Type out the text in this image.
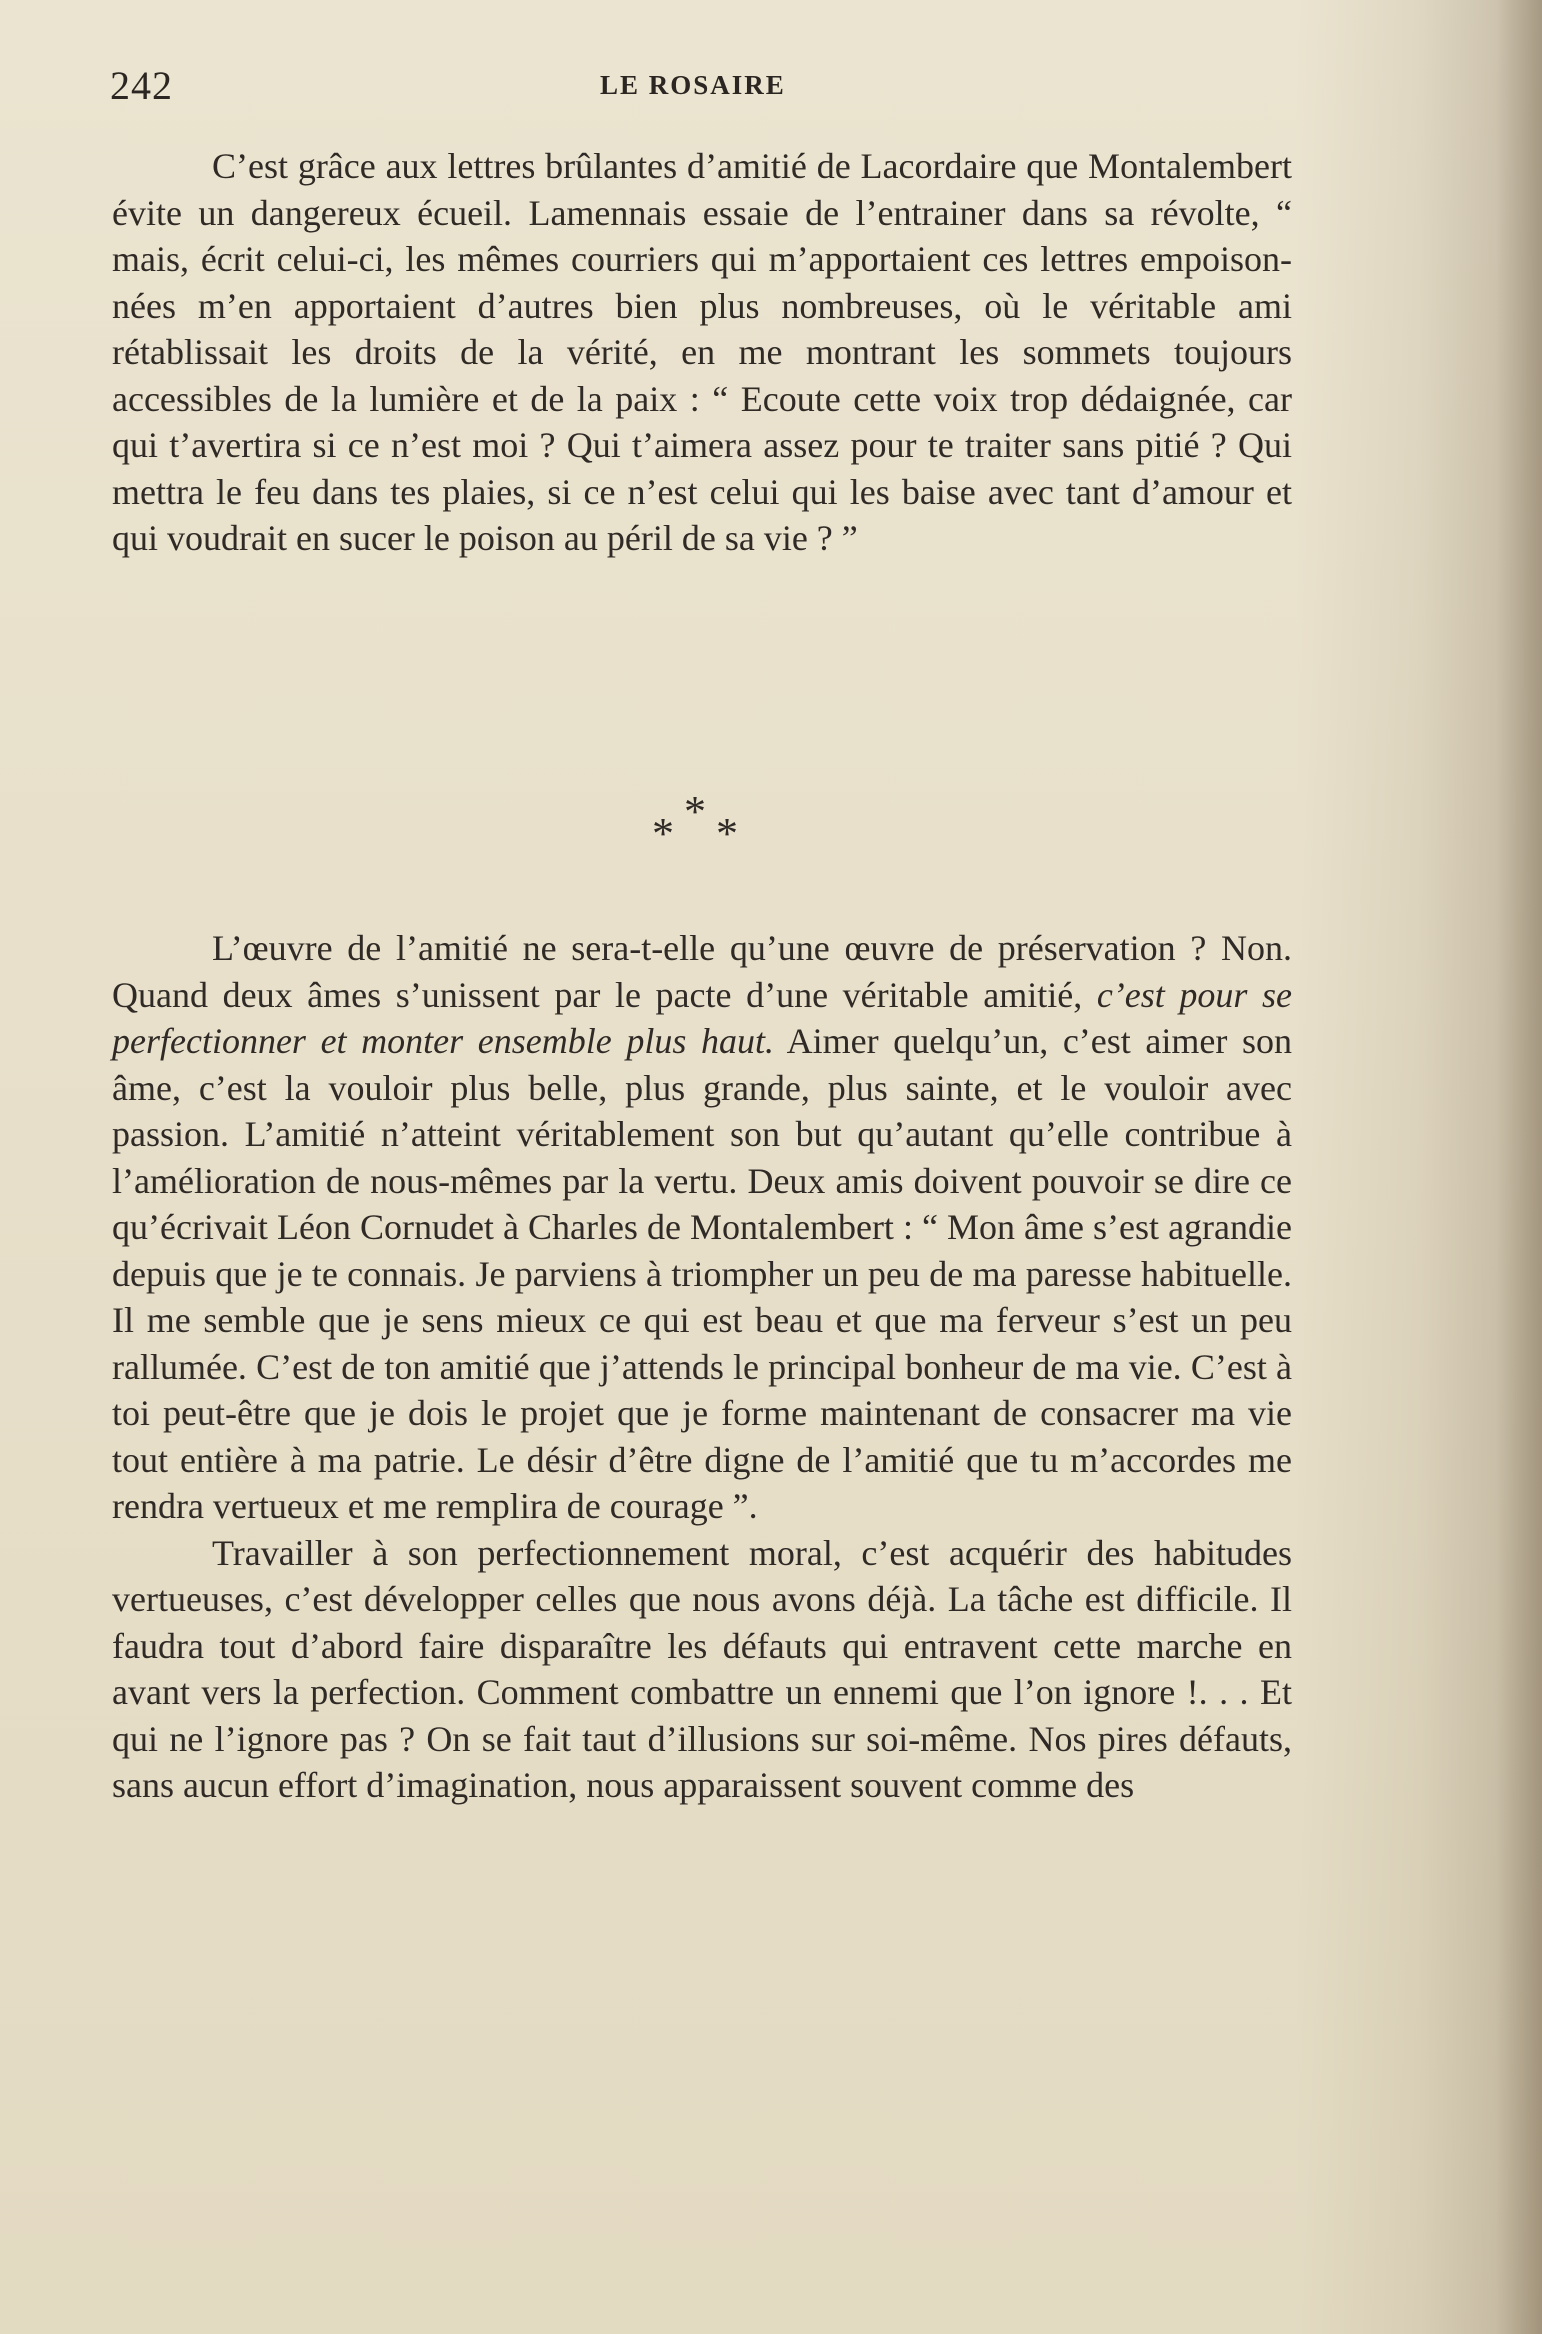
242	LE ROSAIRE

C’est grâce aux lettres brûlantes d’amitié de Lacordaire que Montalembert évite un dangereux écueil. Lamennais essaie de l’entrainer dans sa révolte, “ mais, écrit celui-ci, les mêmes courriers qui m’apportaient ces lettres empoisonnées m’en apportaient d’autres bien plus nombreuses, où le véritable ami rétablissait les droits de la vérité, en me montrant les sommets toujours accessibles de la lumière et de la paix : “ Ecoute cette voix trop dédaignée, car qui t’avertira si ce n’est moi ? Qui t’aimera assez pour te traiter sans pitié ? Qui mettra le feu dans tes plaies, si ce n’est celui qui les baise avec tant d’amour et qui voudrait en sucer le poison au péril de sa vie ? ”

* * *

L’œuvre de l’amitié ne sera-t-elle qu’une œuvre de préservation ? Non. Quand deux âmes s’unissent par le pacte d’une véritable amitié, c’est pour se perfectionner et monter ensemble plus haut. Aimer quelqu’un, c’est aimer son âme, c’est la vouloir plus belle, plus grande, plus sainte, et le vouloir avec passion. L’amitié n’atteint véritablement son but qu’autant qu’elle contribue à l’amélioration de nous-mêmes par la vertu. Deux amis doivent pouvoir se dire ce qu’écrivait Léon Cornudet à Charles de Montalembert : “ Mon âme s’est agrandie depuis que je te connais. Je parviens à triompher un peu de ma paresse habituelle. Il me semble que je sens mieux ce qui est beau et que ma ferveur s’est un peu rallumée. C’est de ton amitié que j’attends le principal bonheur de ma vie. C’est à toi peut-être que je dois le projet que je forme maintenant de consacrer ma vie tout entière à ma patrie. Le désir d’être digne de l’amitié que tu m’accordes me rendra vertueux et me remplira de courage ”.

Travailler à son perfectionnement moral, c’est acquérir des habitudes vertueuses, c’est développer celles que nous avons déjà. La tâche est difficile. Il faudra tout d’abord faire disparaître les défauts qui entravent cette marche en avant vers la perfection. Comment combattre un ennemi que l’on ignore !. . . Et qui ne l’ignore pas ? On se fait taut d’illusions sur soi-même. Nos pires défauts, sans aucun effort d’imagination, nous apparaissent souvent comme des
